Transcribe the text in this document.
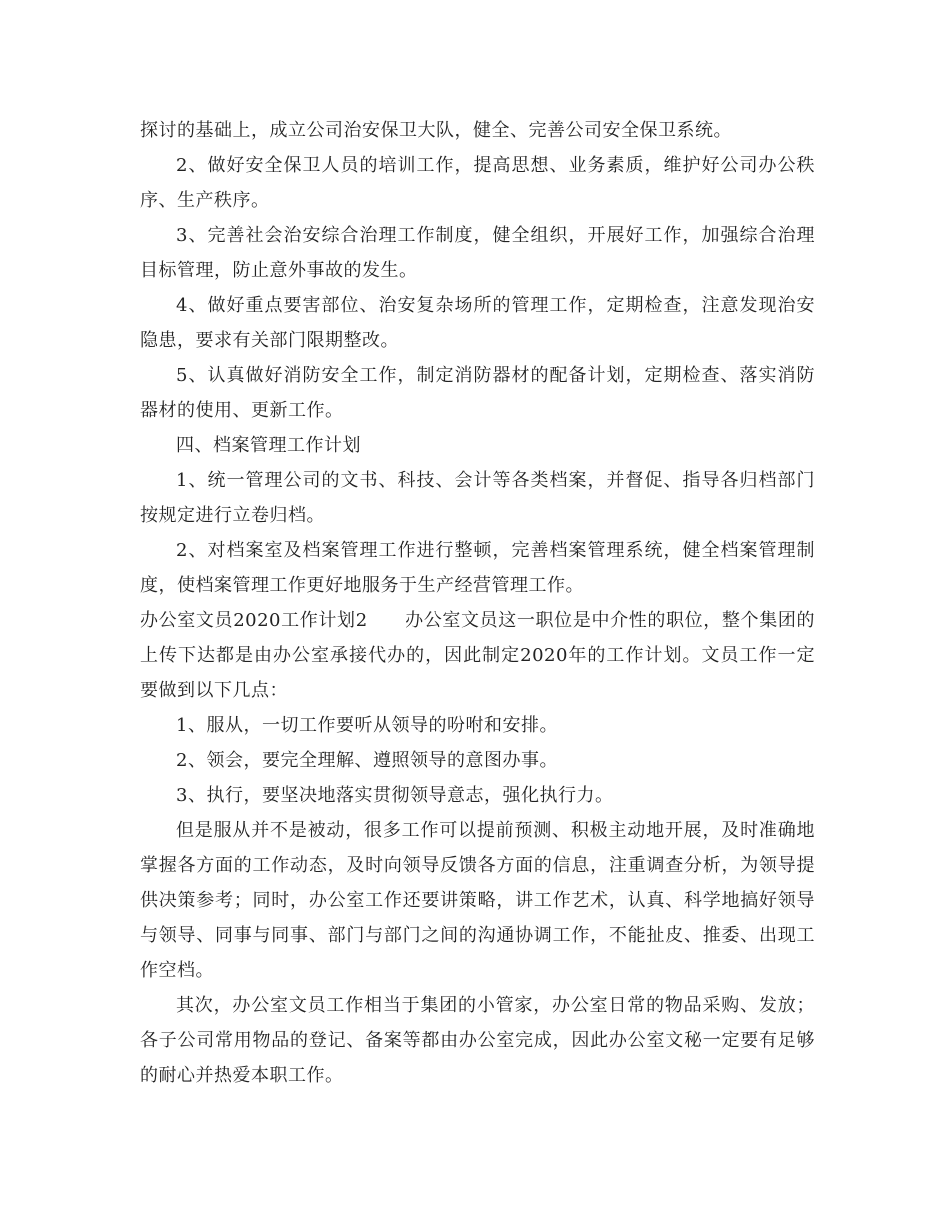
探讨的基础上，成立公司治安保卫大队，健全、完善公司安全保卫系统。

2、做好安全保卫人员的培训工作，提高思想、业务素质，维护好公司办公秩序、生产秩序。

3、完善社会治安综合治理工作制度，健全组织，开展好工作，加强综合治理目标管理，防止意外事故的发生。

4、做好重点要害部位、治安复杂场所的管理工作，定期检查，注意发现治安隐患，要求有关部门限期整改。

5、认真做好消防安全工作，制定消防器材的配备计划，定期检查、落实消防器材的使用、更新工作。

四、档案管理工作计划

1、统一管理公司的文书、科技、会计等各类档案，并督促、指导各归档部门按规定进行立卷归档。

2、对档案室及档案管理工作进行整顿，完善档案管理系统，健全档案管理制度，使档案管理工作更好地服务于生产经营管理工作。

办公室文员2020工作计划2　　办公室文员这一职位是中介性的职位，整个集团的上传下达都是由办公室承接代办的，因此制定2020年的工作计划。文员工作一定要做到以下几点：

1、服从，一切工作要听从领导的吩咐和安排。

2、领会，要完全理解、遵照领导的意图办事。

3、执行，要坚决地落实贯彻领导意志，强化执行力。

但是服从并不是被动，很多工作可以提前预测、积极主动地开展，及时准确地掌握各方面的工作动态，及时向领导反馈各方面的信息，注重调查分析，为领导提供决策参考；同时，办公室工作还要讲策略，讲工作艺术，认真、科学地搞好领导与领导、同事与同事、部门与部门之间的沟通协调工作，不能扯皮、推委、出现工作空档。

其次，办公室文员工作相当于集团的小管家，办公室日常的物品采购、发放；各子公司常用物品的登记、备案等都由办公室完成，因此办公室文秘一定要有足够的耐心并热爱本职工作。
